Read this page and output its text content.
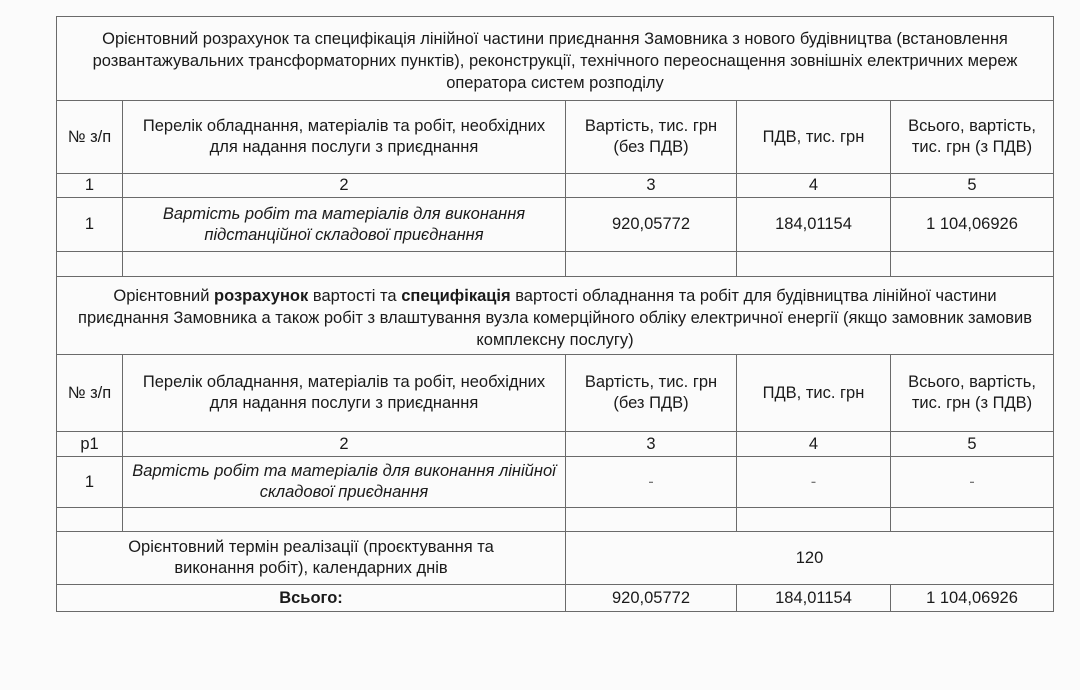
Орієнтовний розрахунок та специфікація лінійної частини приєднання Замовника з нового будівництва (встановлення розвантажувальних трансформаторних пунктів), реконструкції, технічного переоснащення зовнішніх електричних мереж оператора систем розподілу				
№ з/п	Перелік обладнання, матеріалів та робіт, необхідних для надання послуги з приєднання	Вартість, тис. грн (без ПДВ)	ПДВ, тис. грн	Всього, вартість, тис. грн (з ПДВ)
1	2	3	4	5
1	Вартість робіт та матеріалів для виконання підстанційної складової приєднання	920,05772	184,01154	1 104,06926

Орієнтовний розрахунок вартості та специфікація вартості обладнання та робіт для будівництва лінійної частини приєднання Замовника а також робіт з влаштування вузла комерційного обліку електричної енергії (якщо замовник замовив комплексну послугу)				
№ з/п	Перелік обладнання, матеріалів та робіт, необхідних для надання послуги з приєднання	Вартість, тис. грн (без ПДВ)	ПДВ, тис. грн	Всього, вартість, тис. грн (з ПДВ)
р1	2	3	4	5
1	Вартість робіт та матеріалів для виконання лінійної складової приєднання	-	-	-

Орієнтовний термін реалізації (проєктування та виконання робіт), календарних днів		120		
Всього:		920,05772	184,01154	1 104,06926
